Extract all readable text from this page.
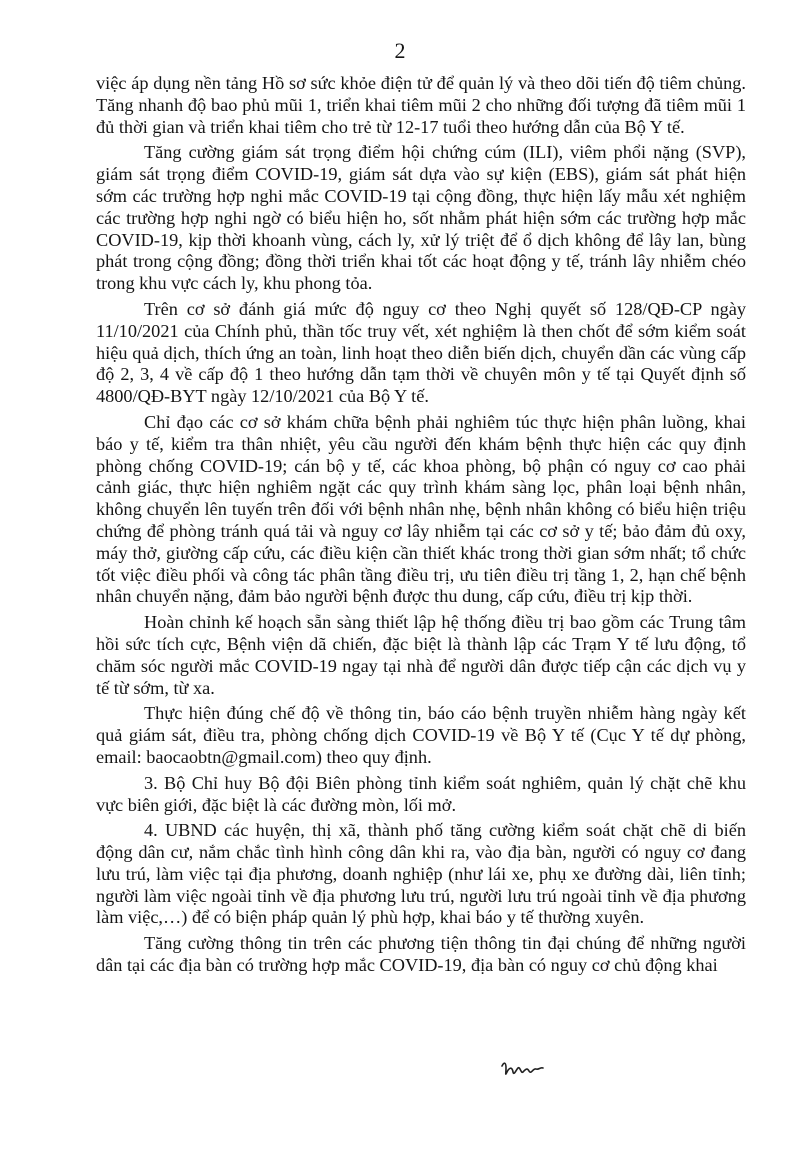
2

việc áp dụng nền tảng Hồ sơ sức khỏe điện tử để quản lý và theo dõi tiến độ tiêm chủng. Tăng nhanh độ bao phủ mũi 1, triển khai tiêm mũi 2 cho những đối tượng đã tiêm mũi 1 đủ thời gian và triển khai tiêm cho trẻ từ 12-17 tuổi theo hướng dẫn của Bộ Y tế.

Tăng cường giám sát trọng điểm hội chứng cúm (ILI), viêm phổi nặng (SVP), giám sát trọng điểm COVID-19, giám sát dựa vào sự kiện (EBS), giám sát phát hiện sớm các trường hợp nghi mắc COVID-19 tại cộng đồng, thực hiện lấy mẫu xét nghiệm các trường hợp nghi ngờ có biểu hiện ho, sốt nhằm phát hiện sớm các trường hợp mắc COVID-19, kịp thời khoanh vùng, cách ly, xử lý triệt để ổ dịch không để lây lan, bùng phát trong cộng đồng; đồng thời triển khai tốt các hoạt động y tế, tránh lây nhiễm chéo trong khu vực cách ly, khu phong tỏa.

Trên cơ sở đánh giá mức độ nguy cơ theo Nghị quyết số 128/QĐ-CP ngày 11/10/2021 của Chính phủ, thần tốc truy vết, xét nghiệm là then chốt để sớm kiểm soát hiệu quả dịch, thích ứng an toàn, linh hoạt theo diễn biến dịch, chuyển dần các vùng cấp độ 2, 3, 4 về cấp độ 1 theo hướng dẫn tạm thời về chuyên môn y tế tại Quyết định số 4800/QĐ-BYT ngày 12/10/2021 của Bộ Y tế.

Chỉ đạo các cơ sở khám chữa bệnh phải nghiêm túc thực hiện phân luồng, khai báo y tế, kiểm tra thân nhiệt, yêu cầu người đến khám bệnh thực hiện các quy định phòng chống COVID-19; cán bộ y tế, các khoa phòng, bộ phận có nguy cơ cao phải cảnh giác, thực hiện nghiêm ngặt các quy trình khám sàng lọc, phân loại bệnh nhân, không chuyển lên tuyến trên đối với bệnh nhân nhẹ, bệnh nhân không có biểu hiện triệu chứng để phòng tránh quá tải và nguy cơ lây nhiễm tại các cơ sở y tế; bảo đảm đủ oxy, máy thở, giường cấp cứu, các điều kiện cần thiết khác trong thời gian sớm nhất; tổ chức tốt việc điều phối và công tác phân tầng điều trị, ưu tiên điều trị tầng 1, 2, hạn chế bệnh nhân chuyển nặng, đảm bảo người bệnh được thu dung, cấp cứu, điều trị kịp thời.

Hoàn chỉnh kế hoạch sẵn sàng thiết lập hệ thống điều trị bao gồm các Trung tâm hồi sức tích cực, Bệnh viện dã chiến, đặc biệt là thành lập các Trạm Y tế lưu động, tổ chăm sóc người mắc COVID-19 ngay tại nhà để người dân được tiếp cận các dịch vụ y tế từ sớm, từ xa.

Thực hiện đúng chế độ về thông tin, báo cáo bệnh truyền nhiễm hàng ngày kết quả giám sát, điều tra, phòng chống dịch COVID-19 về Bộ Y tế (Cục Y tế dự phòng, email: baocaobtn@gmail.com) theo quy định.

3. Bộ Chỉ huy Bộ đội Biên phòng tỉnh kiểm soát nghiêm, quản lý chặt chẽ khu vực biên giới, đặc biệt là các đường mòn, lối mở.

4. UBND các huyện, thị xã, thành phố tăng cường kiểm soát chặt chẽ di biến động dân cư, nắm chắc tình hình công dân khi ra, vào địa bàn, người có nguy cơ đang lưu trú, làm việc tại địa phương, doanh nghiệp (như lái xe, phụ xe đường dài, liên tỉnh; người làm việc ngoài tỉnh về địa phương lưu trú, người lưu trú ngoài tỉnh về địa phương làm việc,…) để có biện pháp quản lý phù hợp, khai báo y tế thường xuyên.

Tăng cường thông tin trên các phương tiện thông tin đại chúng để những người dân tại các địa bàn có trường hợp mắc COVID-19, địa bàn có nguy cơ chủ động khai
